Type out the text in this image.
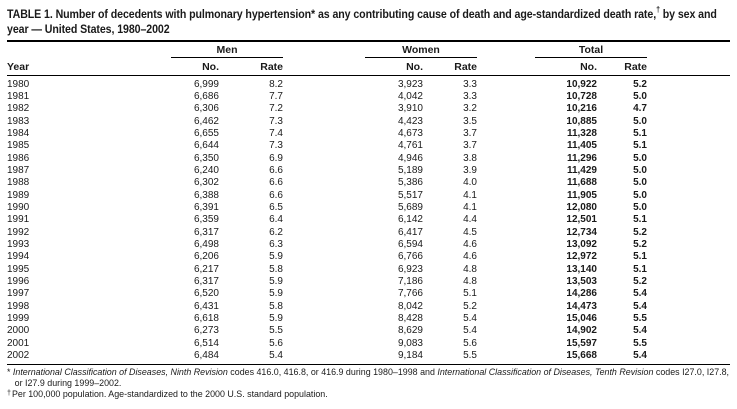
TABLE 1. Number of decedents with pulmonary hypertension* as any contributing cause of death and age-standardized death rate,† by sex and year — United States, 1980–2002

	Men		Women		Total		

Year	No.	Rate	No.	Rate	No.	Rate	
1980	6,999	8.2	3,923	3.3	10,922	5.2	
1981	6,686	7.7	4,042	3.3	10,728	5.0	
1982	6,306	7.2	3,910	3.2	10,216	4.7	
1983	6,462	7.3	4,423	3.5	10,885	5.0	
1984	6,655	7.4	4,673	3.7	11,328	5.1	
1985	6,644	7.3	4,761	3.7	11,405	5.1	
1986	6,350	6.9	4,946	3.8	11,296	5.0	
1987	6,240	6.6	5,189	3.9	11,429	5.0	
1988	6,302	6.6	5,386	4.0	11,688	5.0	
1989	6,388	6.6	5,517	4.1	11,905	5.0	
1990	6,391	6.5	5,689	4.1	12,080	5.0	
1991	6,359	6.4	6,142	4.4	12,501	5.1	
1992	6,317	6.2	6,417	4.5	12,734	5.2	
1993	6,498	6.3	6,594	4.6	13,092	5.2	
1994	6,206	5.9	6,766	4.6	12,972	5.1	
1995	6,217	5.8	6,923	4.8	13,140	5.1	
1996	6,317	5.9	7,186	4.8	13,503	5.2	
1997	6,520	5.9	7,766	5.1	14,286	5.4	
1998	6,431	5.8	8,042	5.2	14,473	5.4	
1999	6,618	5.9	8,428	5.4	15,046	5.5	
2000	6,273	5.5	8,629	5.4	14,902	5.4	
2001	6,514	5.6	9,083	5.6	15,597	5.5	
2002	6,484	5.4	9,184	5.5	15,668	5.4	
* International Classification of Diseases, Ninth Revision codes 416.0, 416.8, or 416.9 during 1980–1998 and International Classification of Diseases, Tenth Revision codes I27.0, I27.8, or I27.9 during 1999–2002.
†Per 100,000 population. Age-standardized to the 2000 U.S. standard population.
